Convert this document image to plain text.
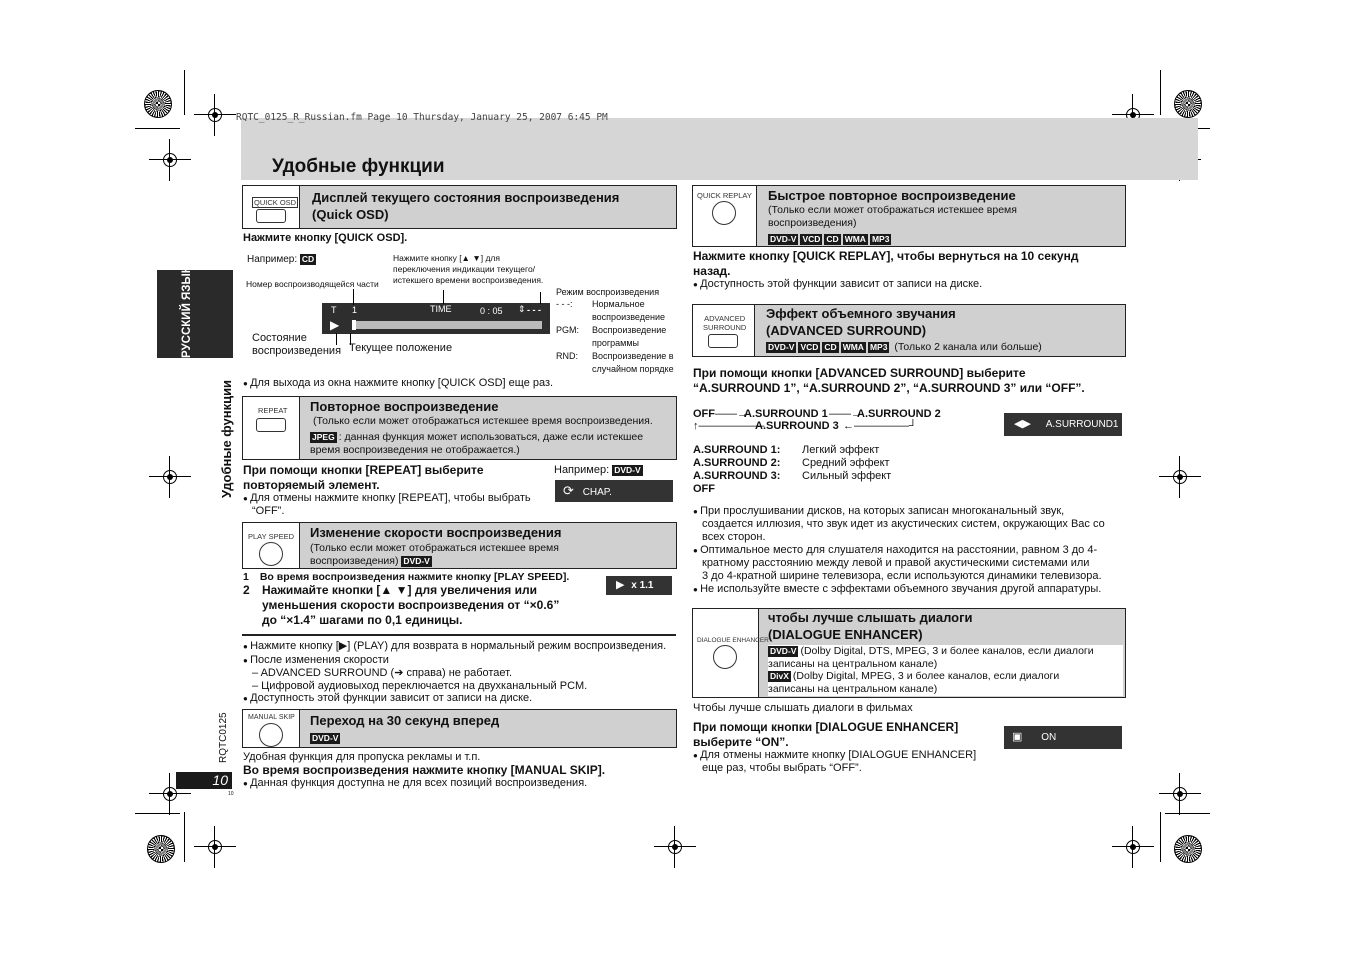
RQTC_0125_R_Russian.fm Page 10 Thursday, January 25, 2007 6:45 PM
Удобные функции
РУССКИЙ ЯЗЫК
Удобные функции
RQTC0125
10
10
QUICK OSD Дисплей текущего состояния воспроизведения
(Quick OSD)
Нажмите кнопку [QUICK OSD].
Например: CD
Номер воспроизводящейся части
Нажмите кнопку [▲ ▼] для
переключения индикации текущего/
истекшего времени воспроизведения.
Режим воспроизведения
T 1	TIME	0 : 05 ⇕ - - -
▶
- - -: Нормальное
воспроизведение
PGM: Воспроизведение
программы
RND: Воспроизведение в
случайном порядке
Состояние
воспроизведения Текущее положение
● Для выхода из окна нажмите кнопку [QUICK OSD] еще раз.
REPEAT Повторное воспроизведение
(Только если может отображаться истекшее время воспроизведения.
JPEG : данная функция может использоваться, даже если истекшее
время воспроизведения не отображается.)
При помощи кнопки [REPEAT] выберите
повторяемый элемент.
Например: DVD-V
⟳ CHAP.
● Для отмены нажмите кнопку [REPEAT], чтобы выбрать
“OFF”.
PLAY SPEED Изменение скорости воспроизведения
(Только если может отображаться истекшее время
воспроизведения) DVD-V
1 Во время воспроизведения нажмите кнопку [PLAY SPEED].
2 Нажимайте кнопки [▲ ▼] для увеличения или
уменьшения скорости воспроизведения от “×0.6”
до “×1.4” шагами по 0,1 единицы.
▶ x 1.1
● Нажмите кнопку [▶] (PLAY) для возврата в нормальный режим воспроизведения.
● После изменения скорости
– ADVANCED SURROUND (➔ справа) не работает.
– Цифровой аудиовыход переключается на двухканальный PCM.
● Доступность этой функции зависит от записи на диске.
MANUAL SKIP Переход на 30 секунд вперед
DVD-V
Удобная функция для пропуска рекламы и т.п.
Во время воспроизведения нажмите кнопку [MANUAL SKIP].
● Данная функция доступна не для всех позиций воспроизведения.
QUICK REPLAY Быстрое повторное воспроизведение
(Только если может отображаться истекшее время
воспроизведения)
DVD-V VCD CD WMA MP3
Нажмите кнопку [QUICK REPLAY], чтобы вернуться на 10 секунд
назад.
● Доступность этой функции зависит от записи на диске.
ADVANCED
SURROUND
Эффект объемного звучания
(ADVANCED SURROUND)
DVD-V VCD CD WMA MP3 (Только 2 канала или больше)
При помощи кнопки [ADVANCED SURROUND] выберите
“A.SURROUND 1”, “A.SURROUND 2”, “A.SURROUND 3” или “OFF”.
OFF ——→
A.SURROUND 1 ——→
A.SURROUND 2
↑——————
A.SURROUND 3 ←—————┘	◀▶ A.SURROUND1
A.SURROUND 1: Легкий эффект
A.SURROUND 2: Средний эффект
A.SURROUND 3: Сильный эффект
OFF
● При прослушивании дисков, на которых записан многоканальный звук,
создается иллюзия, что звук идет из акустических систем, окружающих Вас со
всех сторон.
● Оптимальное место для слушателя находится на расстоянии, равном 3 до 4-
кратному расстоянию между левой и правой акустическими системами или
3 до 4-кратной ширине телевизора, если используются динамики телевизора.
● Не используйте вместе с эффектами объемного звучания другой аппаратуры.
DIALOGUE ENHANCER
чтобы лучше слышать диалоги
(DIALOGUE ENHANCER)
DVD-V (Dolby Digital, DTS, MPEG, 3 и более каналов, если диалоги
записаны на центральном канале)
DivX (Dolby Digital, MPEG, 3 и более каналов, если диалоги
записаны на центральном канале)
Чтобы лучше слышать диалоги в фильмах
При помощи кнопки [DIALOGUE ENHANCER]
выберите “ON”.	▣ ON
● Для отмены нажмите кнопку [DIALOGUE ENHANCER]
еще раз, чтобы выбрать “OFF”.
